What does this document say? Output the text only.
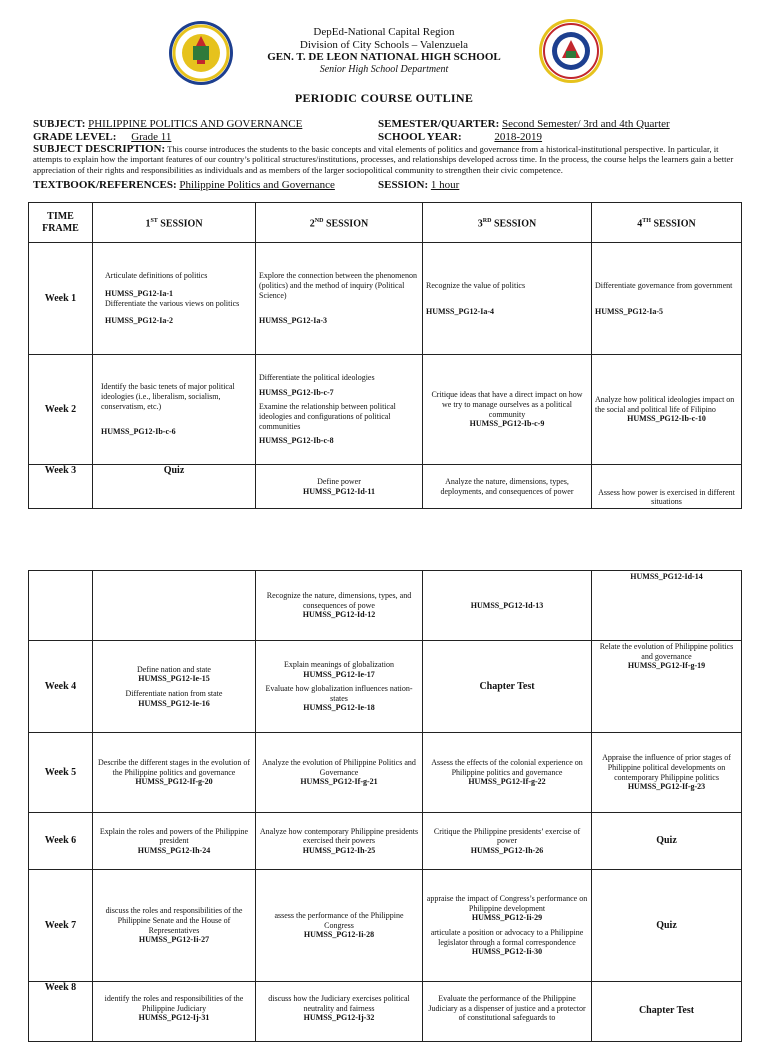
DepEd-National Capital Region
Division of City Schools – Valenzuela
GEN. T. DE LEON NATIONAL HIGH SCHOOL
Senior High School Department
PERIODIC COURSE OUTLINE
SUBJECT: PHILIPPINE POLITICS AND GOVERNANCE	SEMESTER/QUARTER: Second Semester/ 3rd and 4th Quarter
GRADE LEVEL: Grade 11	SCHOOL YEAR:	2018-2019
SUBJECT DESCRIPTION: This course introduces the students to the basic concepts and vital elements of politics and governance from a historical-institutional perspective. In particular, it attempts to explain how the important features of our country’s political structures/institutions, processes, and relationships developed across time. In the process, the course helps the learners gain a better appreciation of their rights and responsibilities as individuals and as members of the larger sociopolitical community to strengthen their civic competence.
TEXTBOOK/REFERENCES: Philippine Politics and Governance	SESSION: 1 hour
TIME FRAME	1ST SESSION	2ND SESSION	3RD SESSION	4TH SESSION
Week 1	Articulate definitions of politics
HUMSS_PG12-Ia-1
Differentiate the various views on politics
HUMSS_PG12-Ia-2	Explore the connection between the phenomenon (politics) and the method of inquiry (Political Science)
HUMSS_PG12-Ia-3	Recognize the value of politics
HUMSS_PG12-Ia-4	Differentiate governance from government
HUMSS_PG12-Ia-5

Week 2	Identify the basic tenets of major political ideologies (i.e., liberalism, socialism, conservatism, etc.)
HUMSS_PG12-Ib-c-6	Differentiate the political ideologies
HUMSS_PG12-Ib-c-7
Examine the relationship between political ideologies and configurations of political communities
HUMSS_PG12-Ib-c-8	Critique ideas that have a direct impact on how we try to manage ourselves as a political community
HUMSS_PG12-Ib-c-9	Analyze how political ideologies impact on the social and political life of Filipino
HUMSS_PG12-Ib-c-10

Week 3	Quiz	Define power
HUMSS_PG12-Id-11	Analyze the nature, dimensions, types, deployments, and consequences of power	Assess how power is exercised in different situations
		Recognize the nature, dimensions, types, and consequences of powe
HUMSS_PG12-Id-12	HUMSS_PG12-Id-13	HUMSS_PG12-Id-14

Week 4	Define nation and state
HUMSS_PG12-Ie-15
Differentiate nation from state
HUMSS_PG12-Ie-16	Explain meanings of globalization
HUMSS_PG12-Ie-17
Evaluate how globalization influences nation-states
HUMSS_PG12-Ie-18	Chapter Test	Relate the evolution of Philippine politics and governance
HUMSS_PG12-If-g-19

Week 5	Describe the different stages in the evolution of the Philippine politics and governance
HUMSS_PG12-If-g-20	Analyze the evolution of Philippine Politics and Governance
HUMSS_PG12-If-g-21	Assess the effects of the colonial experience on Philippine politics and governance
HUMSS_PG12-If-g-22	Appraise the influence of prior stages of Philippine political developments on contemporary Philippine politics
HUMSS_PG12-If-g-23

Week 6	Explain the roles and powers of the Philippine president
HUMSS_PG12-Ih-24	Analyze how contemporary Philippine presidents exercised their powers
HUMSS_PG12-Ih-25	Critique the Philippine presidents’ exercise of power
HUMSS_PG12-Ih-26	Quiz
Week 7	discuss the roles and responsibilities of the Philippine Senate and the House of Representatives
HUMSS_PG12-Ii-27	assess the performance of the Philippine Congress
HUMSS_PG12-Ii-28	appraise the impact of Congress’s performance on Philippine development
HUMSS_PG12-Ii-29
articulate a position or advocacy to a Philippine legislator through a formal correspondence
HUMSS_PG12-Ii-30	Quiz
Week 8	identify the roles and responsibilities of the Philippine Judiciary
HUMSS_PG12-Ij-31	discuss how the Judiciary exercises political neutrality and fairness
HUMSS_PG12-Ij-32	Evaluate the performance of the Philippine Judiciary as a dispenser of justice and a protector of constitutional safeguards to	Chapter Test
